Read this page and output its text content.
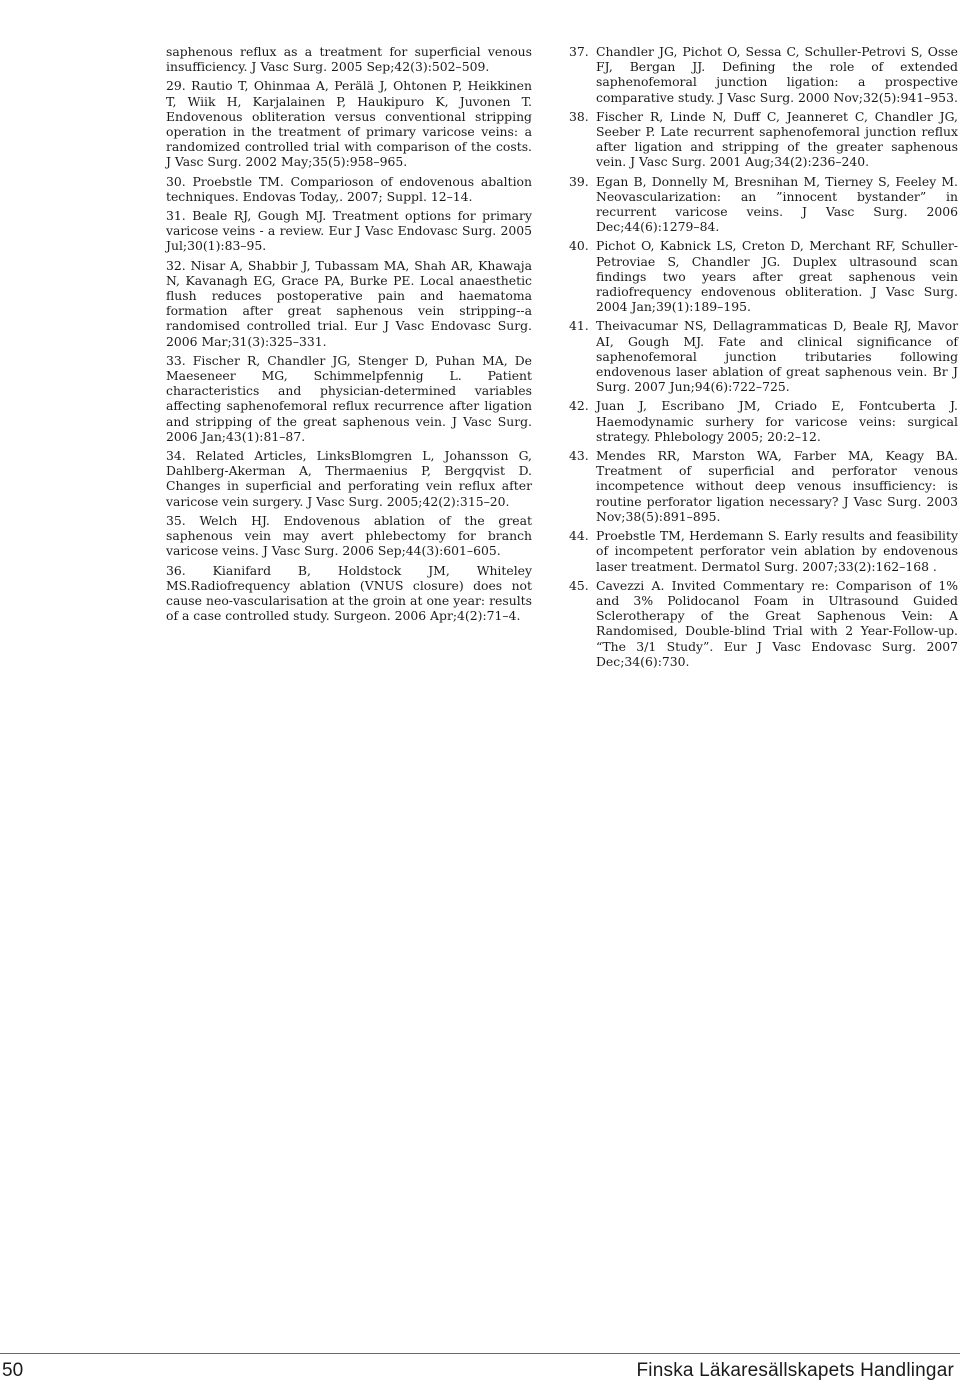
saphenous reflux as a treatment for superficial venous insufficiency. J Vasc Surg. 2005 Sep;42(3):502–509.
29. Rautio T, Ohinmaa A, Perälä J, Ohtonen P, Heikkinen T, Wiik H, Karjalainen P, Haukipuro K, Juvonen T. Endovenous obliteration versus conventional stripping operation in the treatment of primary varicose veins: a randomized controlled trial with comparison of the costs. J Vasc Surg. 2002 May;35(5):958–965.
30. Proebstle TM. Comparioson of endovenous abaltion techniques. Endovas Today,. 2007; Suppl. 12–14.
31. Beale RJ, Gough MJ. Treatment options for primary varicose veins - a review. Eur J Vasc Endovasc Surg. 2005 Jul;30(1):83–95.
32. Nisar A, Shabbir J, Tubassam MA, Shah AR, Khawaja N, Kavanagh EG, Grace PA, Burke PE. Local anaesthetic flush reduces postoperative pain and haematoma formation after great saphenous vein stripping--a randomised controlled trial. Eur J Vasc Endovasc Surg. 2006 Mar;31(3):325–331.
33. Fischer R, Chandler JG, Stenger D, Puhan MA, De Maeseneer MG, Schimmelpfennig L. Patient characteristics and physician-determined variables affecting saphenofemoral reflux recurrence after ligation and stripping of the great saphenous vein. J Vasc Surg. 2006 Jan;43(1):81–87.
34. Related Articles, LinksBlomgren L, Johansson G, Dahlberg-Akerman A, Thermaenius P, Bergqvist D. Changes in superficial and perforating vein reflux after varicose vein surgery. J Vasc Surg. 2005;42(2):315–20.
35. Welch HJ. Endovenous ablation of the great saphenous vein may avert phlebectomy for branch varicose veins. J Vasc Surg. 2006 Sep;44(3):601–605.
36. Kianifard B, Holdstock JM, Whiteley MS.Radiofrequency ablation (VNUS closure) does not cause neo-vascularisation at the groin at one year: results of a case controlled study. Surgeon. 2006 Apr;4(2):71–4.
37. Chandler JG, Pichot O, Sessa C, Schuller-Petrovi S, Osse FJ, Bergan JJ. Defining the role of extended saphenofemoral junction ligation: a prospective comparative study. J Vasc Surg. 2000 Nov;32(5):941–953.
38. Fischer R, Linde N, Duff C, Jeanneret C, Chandler JG, Seeber P. Late recurrent saphenofemoral junction reflux after ligation and stripping of the greater saphenous vein. J Vasc Surg. 2001 Aug;34(2):236–240.
39. Egan B, Donnelly M, Bresnihan M, Tierney S, Feeley M. Neovascularization: an ”innocent bystander” in recurrent varicose veins. J Vasc Surg. 2006 Dec;44(6):1279–84.
40. Pichot O, Kabnick LS, Creton D, Merchant RF, Schuller-Petroviae S, Chandler JG. Duplex ultrasound scan findings two years after great saphenous vein radiofrequency endovenous obliteration. J Vasc Surg. 2004 Jan;39(1):189–195.
41. Theivacumar NS, Dellagrammaticas D, Beale RJ, Mavor AI, Gough MJ. Fate and clinical significance of saphenofemoral junction tributaries following endovenous laser ablation of great saphenous vein. Br J Surg. 2007 Jun;94(6):722–725.
42. Juan J, Escribano JM, Criado E, Fontcuberta J. Haemodynamic surhery for varicose veins: surgical strategy. Phlebology 2005; 20:2–12.
43. Mendes RR, Marston WA, Farber MA, Keagy BA. Treatment of superficial and perforator venous incompetence without deep venous insufficiency: is routine perforator ligation necessary? J Vasc Surg. 2003 Nov;38(5):891–895.
44. Proebstle TM, Herdemann S. Early results and feasibility of incompetent perforator vein ablation by endovenous laser treatment. Dermatol Surg. 2007;33(2):162–168 .
45. Cavezzi A. Invited Commentary re: Comparison of 1% and 3% Polidocanol Foam in Ultrasound Guided Sclerotherapy of the Great Saphenous Vein: A Randomised, Double-blind Trial with 2 Year-Follow-up. “The 3/1 Study”. Eur J Vasc Endovasc Surg. 2007 Dec;34(6):730.
50	Finska Läkaresällskapets Handlingar
